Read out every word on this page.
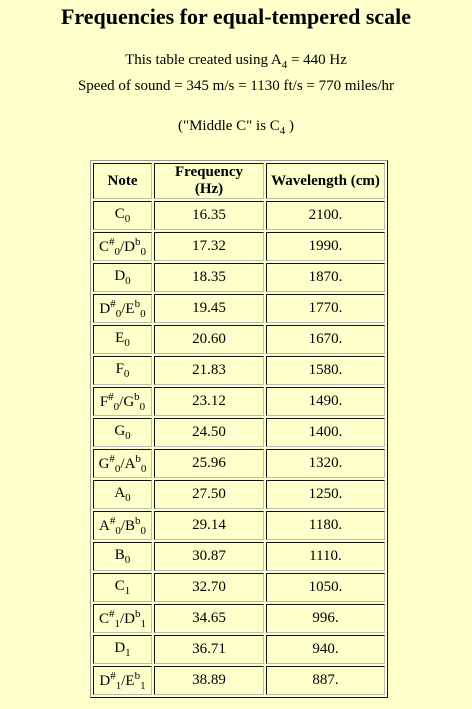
Frequencies for equal-tempered scale
This table created using $A_4 = 440$ Hz
Speed of sound = 345 m/s = 1130 ft/s = 770 miles/hr
("Middle C" is $C_4$ )
Note	Frequency (Hz)	Wavelength (cm)
$C_0$	16.35	2100.
$C^{\#}_0/D^b_0$	17.32	1990.
$D_0$	18.35	1870.
$D^{\#}_0/E^b_0$	19.45	1770.
$E_0$	20.60	1670.
$F_0$	21.83	1580.
$F^{\#}_0/G^b_0$	23.12	1490.
$G_0$	24.50	1400.
$G^{\#}_0/A^b_0$	25.96	1320.
$A_0$	27.50	1250.
$A^{\#}_0/B^b_0$	29.14	1180.
$B_0$	30.87	1110.
$C_1$	32.70	1050.
$C^{\#}_1/D^b_1$	34.65	996.
$D_1$	36.71	940.
$D^{\#}_1/E^b_1$	38.89	887.
